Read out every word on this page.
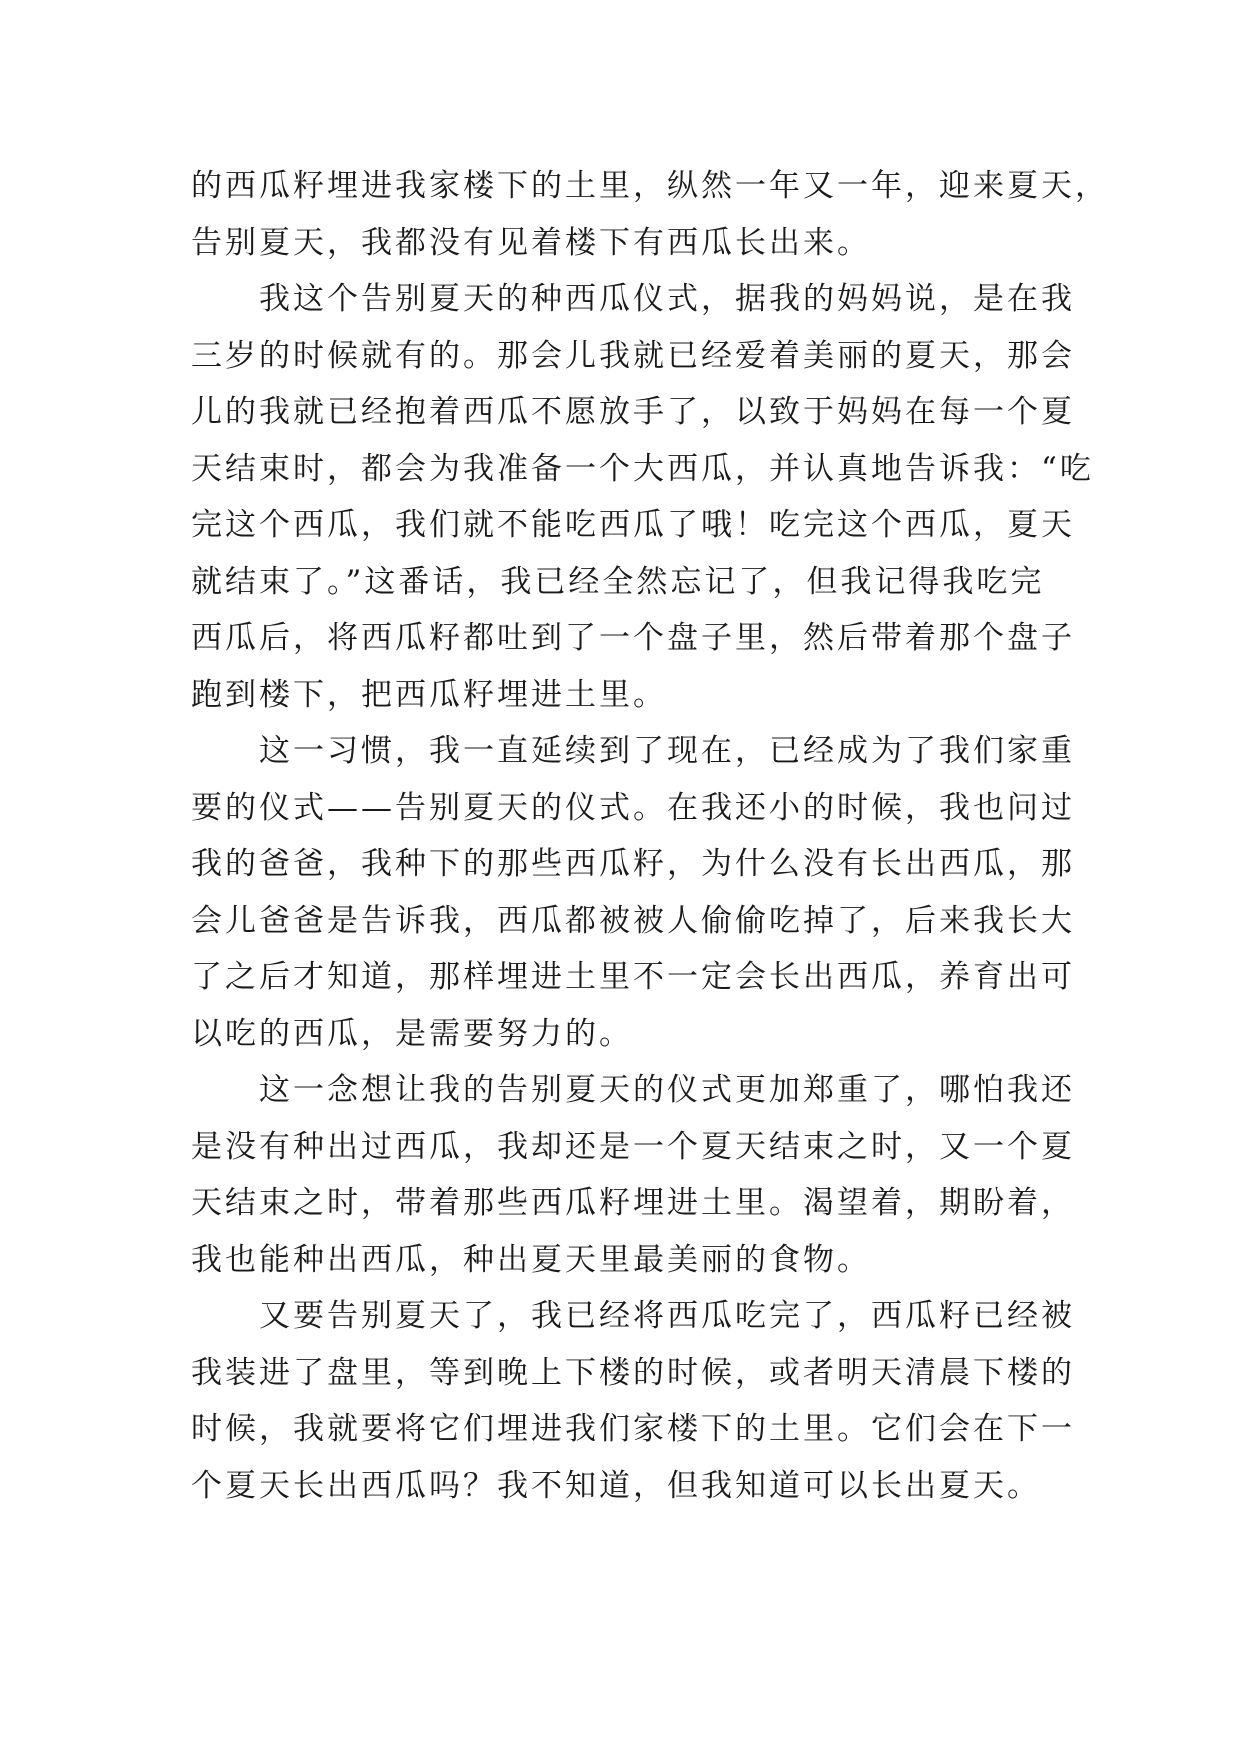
的西瓜籽埋进我家楼下的土里，纵然一年又一年，迎来夏天，
告别夏天，我都没有见着楼下有西瓜长出来。
　　我这个告别夏天的种西瓜仪式，据我的妈妈说，是在我
三岁的时候就有的。那会儿我就已经爱着美丽的夏天，那会
儿的我就已经抱着西瓜不愿放手了，以致于妈妈在每一个夏
天结束时，都会为我准备一个大西瓜，并认真地告诉我：“吃
完这个西瓜，我们就不能吃西瓜了哦！吃完这个西瓜，夏天
就结束了。”这番话，我已经全然忘记了，但我记得我吃完
西瓜后，将西瓜籽都吐到了一个盘子里，然后带着那个盘子
跑到楼下，把西瓜籽埋进土里。
　　这一习惯，我一直延续到了现在，已经成为了我们家重
要的仪式——告别夏天的仪式。在我还小的时候，我也问过
我的爸爸，我种下的那些西瓜籽，为什么没有长出西瓜，那
会儿爸爸是告诉我，西瓜都被被人偷偷吃掉了，后来我长大
了之后才知道，那样埋进土里不一定会长出西瓜，养育出可
以吃的西瓜，是需要努力的。
　　这一念想让我的告别夏天的仪式更加郑重了，哪怕我还
是没有种出过西瓜，我却还是一个夏天结束之时，又一个夏
天结束之时，带着那些西瓜籽埋进土里。渴望着，期盼着，
我也能种出西瓜，种出夏天里最美丽的食物。
　　又要告别夏天了，我已经将西瓜吃完了，西瓜籽已经被
我装进了盘里，等到晚上下楼的时候，或者明天清晨下楼的
时候，我就要将它们埋进我们家楼下的土里。它们会在下一
个夏天长出西瓜吗？我不知道，但我知道可以长出夏天。
